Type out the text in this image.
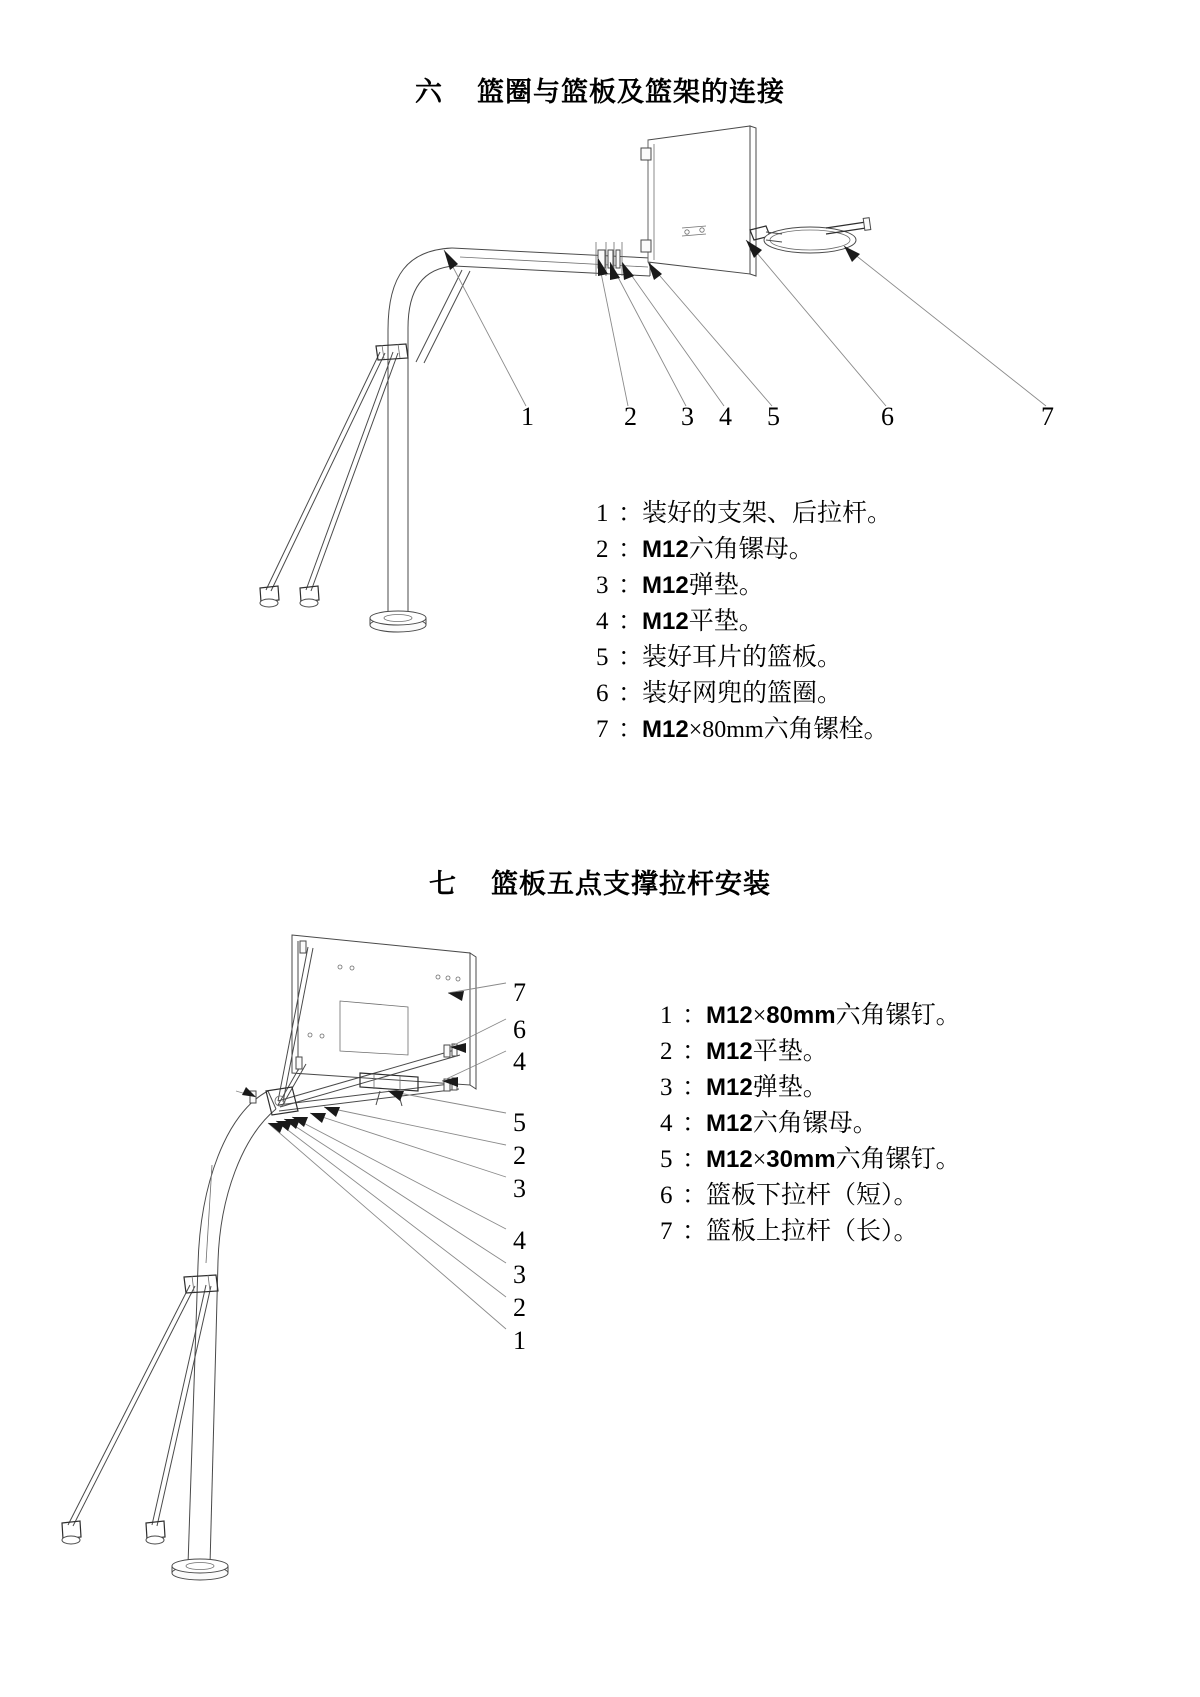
六 篮圈与篮板及篮架的连接
1	2 3 4 5	6	7
1 ：
装好的支架、后拉杆。
2 ：
M12六角镙母。
3 ：
M12弹垫。
4 ：
M12平垫。
5 ：
装好耳片的篮板。
6 ：
装好网兜的篮圈。
7 ：
M12×80mm六角镙栓。
七 篮板五点支撑拉杆安装
7
6
4
5
2
3
4
3
2
1
1 ：
M12×80mm六角镙钉。
2 ：
M12平垫。
3 ：
M12弹垫。
4 ：
M12六角镙母。
5 ：
M12×30mm六角镙钉。
6 ：
篮板下拉杆（短）。
7 ：
篮板上拉杆（长）。
